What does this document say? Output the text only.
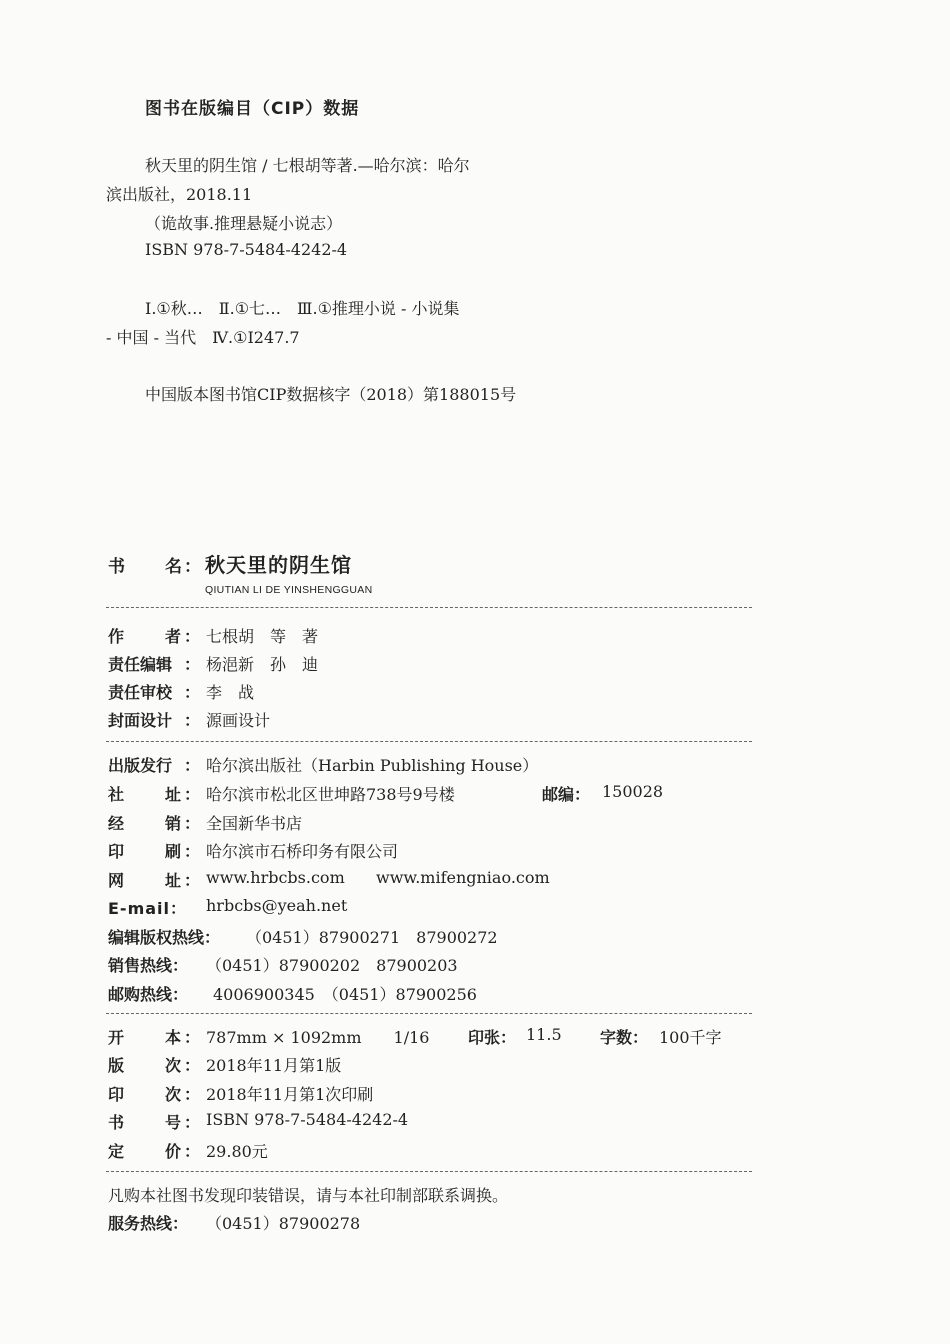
图书在版编目（CIP）数据
秋天里的阴生馆 / 七根胡等著.—哈尔滨：哈尔
滨出版社，2018.11
（诡故事.推理悬疑小说志）
ISBN 978-7-5484-4242-4
Ⅰ.①秋…　Ⅱ.①七…　Ⅲ.①推理小说 - 小说集
- 中国 - 当代　Ⅳ.①I247.7
中国版本图书馆CIP数据核字（2018）第188015号
书 名 ： 秋天里的阴生馆
QIUTIAN LI DE YINSHENGGUAN
作	者 ： 七根胡　等　著
责任编辑 ： 杨浥新　孙　迪
责任审校 ： 李　战
封面设计 ： 源画设计
出版发行 ： 哈尔滨出版社（Harbin Publishing House）
社	址 ： 哈尔滨市松北区世坤路738号9号楼	邮编： 150028
经	销 ： 全国新华书店
印	刷 ： 哈尔滨市石桥印务有限公司
网	址 ： www.hrbcbs.com www.mifengniao.com
E-mail： hrbcbs@yeah.net
编辑版权热线： （0451）87900271　87900272
销售热线： （0451）87900202　87900203
邮购热线： 4006900345　（0451）87900256
开	本 ： 787mm × 1092mm　　1/16 印张： 11.5 字数： 100千字
版	次 ： 2018年11月第1版
印	次 ： 2018年11月第1次印刷
书	号 ： ISBN 978-7-5484-4242-4
定	价 ： 29.80元
凡购本社图书发现印装错误，请与本社印制部联系调换。
服务热线： （0451）87900278
